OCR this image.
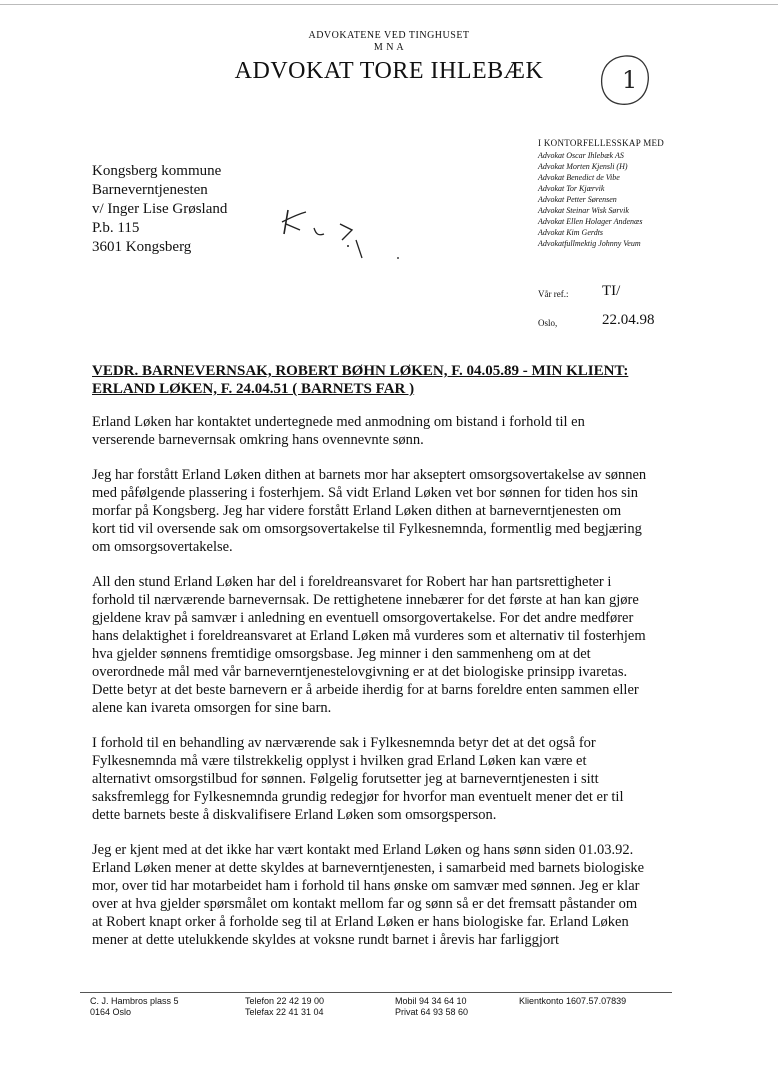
ADVOKATENE VED TINGHUSET
M N A
ADVOKAT TORE IHLEBÆK	1
Kongsberg kommune
Barneverntjenesten
v/ Inger Lise Grøsland
P.b. 115
3601 Kongsberg
I KONTORFELLESSKAP MED
Advokat Oscar Ihlebæk AS
Advokat Morten Kjensli (H)
Advokat Benedict de Vibe
Advokat Tor Kjærvik
Advokat Petter Sørensen
Advokat Steinar Wisk Sørvik
Advokat Ellen Holager Andenæs
Advokat Kim Gerdts
Advokatfullmektig Johnny Veum
Vår ref.: TI/
Oslo,	22.04.98
VEDR. BARNEVERNSAK, ROBERT BØHN LØKEN, F. 04.05.89 - MIN KLIENT:
ERLAND LØKEN, F. 24.04.51 ( BARNETS FAR )

Erland Løken har kontaktet undertegnede med anmodning om bistand i forhold til en verserende barnevernsak omkring hans ovennevnte sønn.

Jeg har forstått Erland Løken dithen at barnets mor har akseptert omsorgsovertakelse av sønnen med påfølgende plassering i fosterhjem. Så vidt Erland Løken vet bor sønnen for tiden hos sin morfar på Kongsberg. Jeg har videre forstått Erland Løken dithen at barneverntjenesten om kort tid vil oversende sak om omsorgsovertakelse til Fylkesnemnda, formentlig med begjæring om omsorgsovertakelse.

All den stund Erland Løken har del i foreldreansvaret for Robert har han partsrettigheter i forhold til nærværende barnevernsak. De rettighetene innebærer for det første at han kan gjøre gjeldene krav på samvær i anledning en eventuell omsorgovertakelse. For det andre medfører hans delaktighet i foreldreansvaret at Erland Løken må vurderes som et alternativ til fosterhjem hva gjelder sønnens fremtidige omsorgsbase. Jeg minner i den sammenheng om at det overordnede mål med vår barneverntjenestelovgivning er at det biologiske prinsipp ivaretas. Dette betyr at det beste barnevern er å arbeide iherdig for at barns foreldre enten sammen eller alene kan ivareta omsorgen for sine barn.

I forhold til en behandling av nærværende sak i Fylkesnemnda betyr det at det også for Fylkesnemnda må være tilstrekkelig opplyst i hvilken grad Erland Løken kan være et alternativt omsorgstilbud for sønnen. Følgelig forutsetter jeg at barneverntjenesten i sitt saksfremlegg for Fylkesnemnda grundig redegjør for hvorfor man eventuelt mener det er til dette barnets beste å diskvalifisere Erland Løken som omsorgsperson.

Jeg er kjent med at det ikke har vært kontakt med Erland Løken og hans sønn siden 01.03.92. Erland Løken mener at dette skyldes at barneverntjenesten, i samarbeid med barnets biologiske mor, over tid har motarbeidet ham i forhold til hans ønske om samvær med sønnen. Jeg er klar over at hva gjelder spørsmålet om kontakt mellom far og sønn så er det fremsatt påstander om at Robert knapt orker å forholde seg til at Erland Løken er hans biologiske far. Erland Løken mener at dette utelukkende skyldes at voksne rundt barnet i årevis har farliggjort

C. J. Hambros plass 5
0164 Oslo
Telefon 22 42 19 00
Telefax 22 41 31 04
Mobil 94 34 64 10
Privat 64 93 58 60
Klientkonto 1607.57.07839
